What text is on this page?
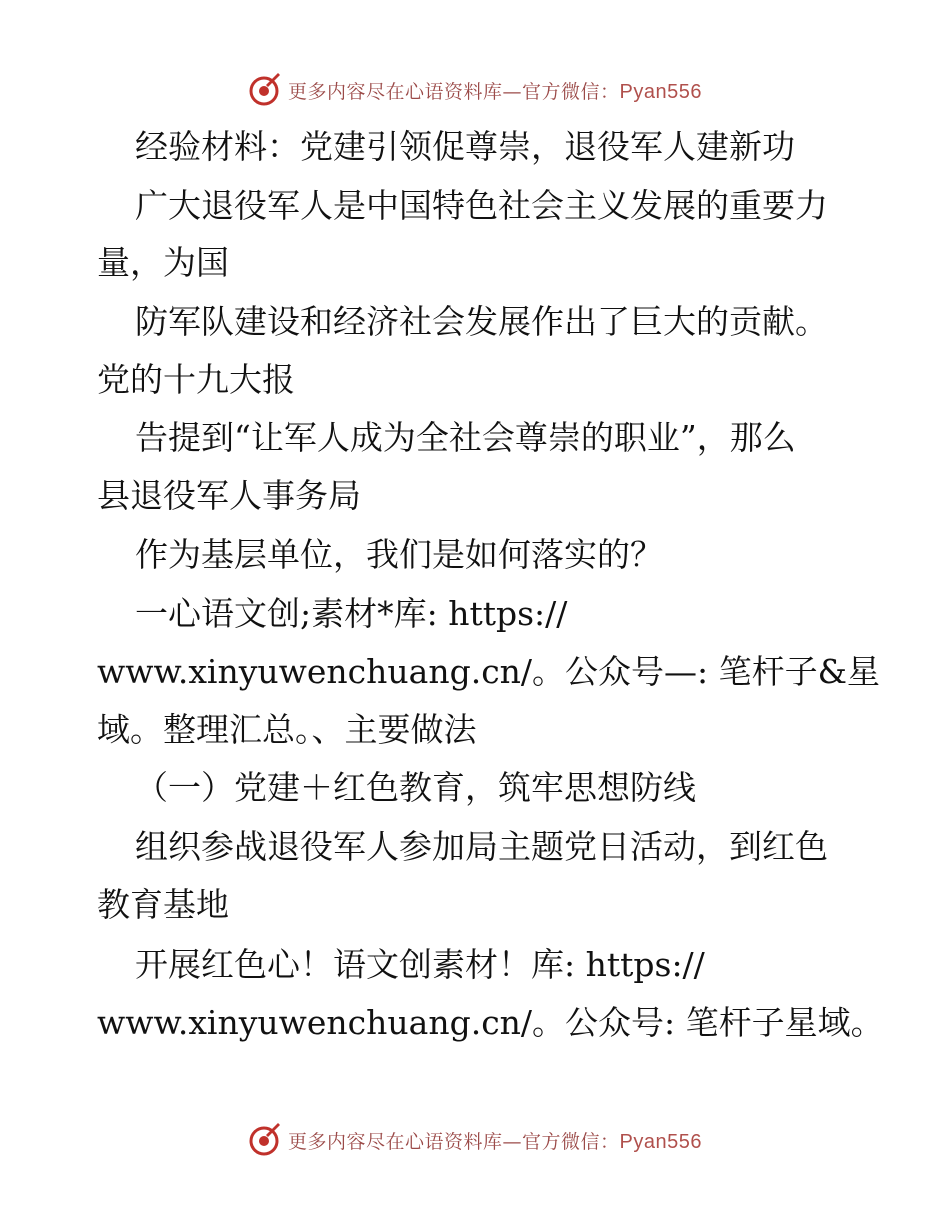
更多内容尽在心语资料库—官方微信：Pyan556
经验材料：党建引领促尊崇，退役军人建新功
广大退役军人是中国特色社会主义发展的重要力
量，为国
防军队建设和经济社会发展作出了巨大的贡献。
党的十九大报
告提到“让军人成为全社会尊崇的职业”，那么
县退役军人事务局
作为基层单位，我们是如何落实的？
一心语文创;素材*库: https://
www.xinyuwenchuang.cn/。公众号—: 笔杆子&星
域。整理汇总。、主要做法
（一）党建＋红色教育，筑牢思想防线
组织参战退役军人参加局主题党日活动，到红色
教育基地
开展红色心！语文创素材！库: https://
www.xinyuwenchuang.cn/。公众号: 笔杆子星域。
更多内容尽在心语资料库—官方微信：Pyan556
